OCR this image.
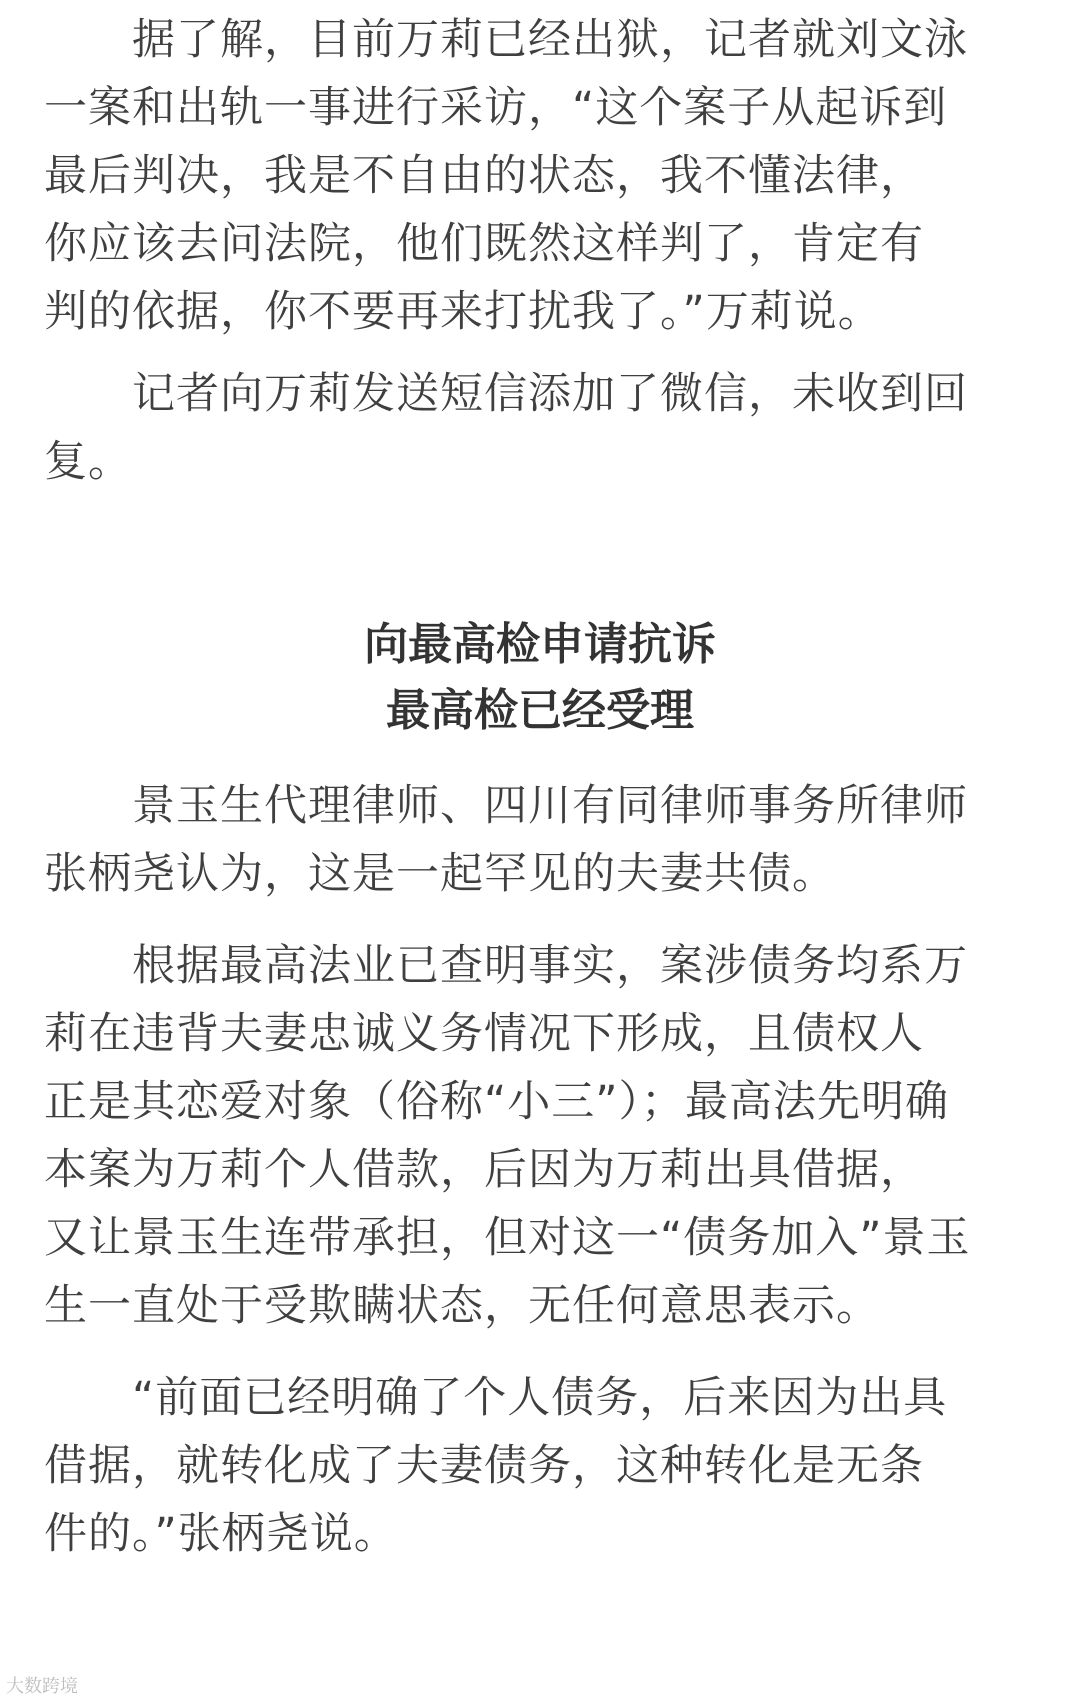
据了解，目前万莉已经出狱，记者就刘文泳
一案和出轨一事进行采访，“这个案子从起诉到
最后判决，我是不自由的状态，我不懂法律，
你应该去问法院，他们既然这样判了，肯定有
判的依据，你不要再来打扰我了。”万莉说。
记者向万莉发送短信添加了微信，未收到回
复。
向最高检申请抗诉
最高检已经受理
景玉生代理律师、四川有同律师事务所律师
张柄尧认为，这是一起罕见的夫妻共债。
根据最高法业已查明事实，案涉债务均系万
莉在违背夫妻忠诚义务情况下形成，且债权人
正是其恋爱对象（俗称“小三”）；最高法先明确
本案为万莉个人借款，后因为万莉出具借据，
又让景玉生连带承担，但对这一“债务加入”景玉
生一直处于受欺瞒状态，无任何意思表示。
“前面已经明确了个人债务，后来因为出具
借据，就转化成了夫妻债务，这种转化是无条
件的。”张柄尧说。
大数跨境
